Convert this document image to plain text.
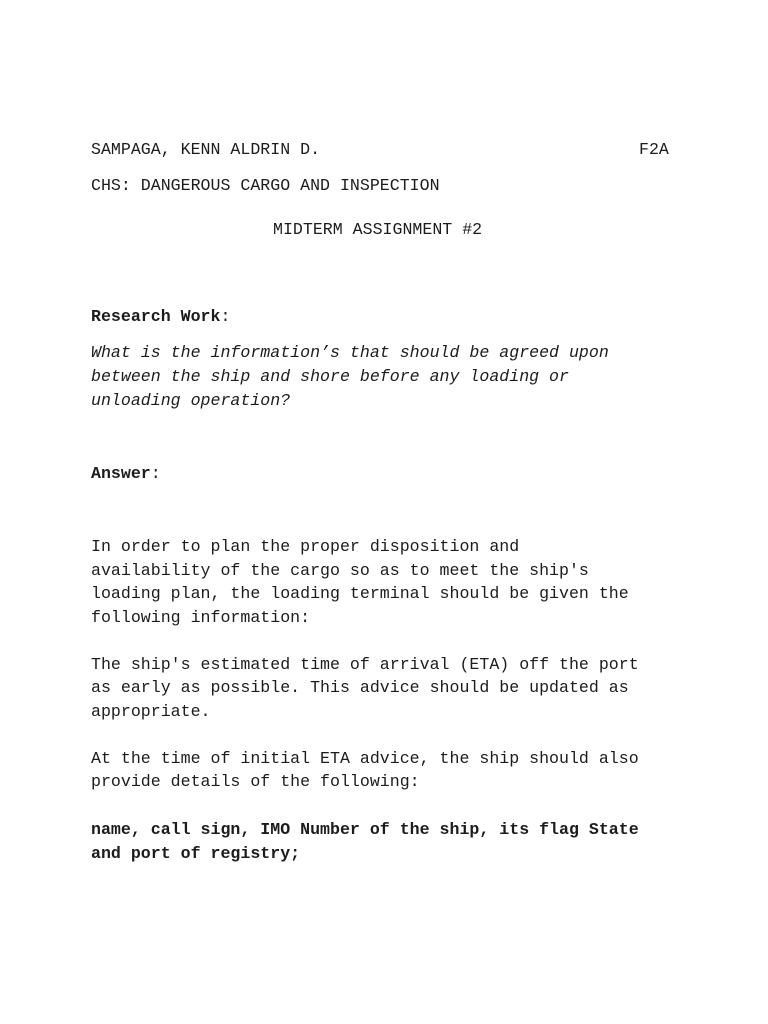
SAMPAGA, KENN ALDRIN D.	F2A
CHS: DANGEROUS CARGO AND INSPECTION
MIDTERM ASSIGNMENT #2
Research Work:
What is the information’s that should be agreed upon
between the ship and shore before any loading or
unloading operation?
Answer:
In order to plan the proper disposition and
availability of the cargo so as to meet the ship's
loading plan, the loading terminal should be given the
following information:
The ship's estimated time of arrival (ETA) off the port
as early as possible. This advice should be updated as
appropriate.
At the time of initial ETA advice, the ship should also
provide details of the following:
name, call sign, IMO Number of the ship, its flag State
and port of registry;
